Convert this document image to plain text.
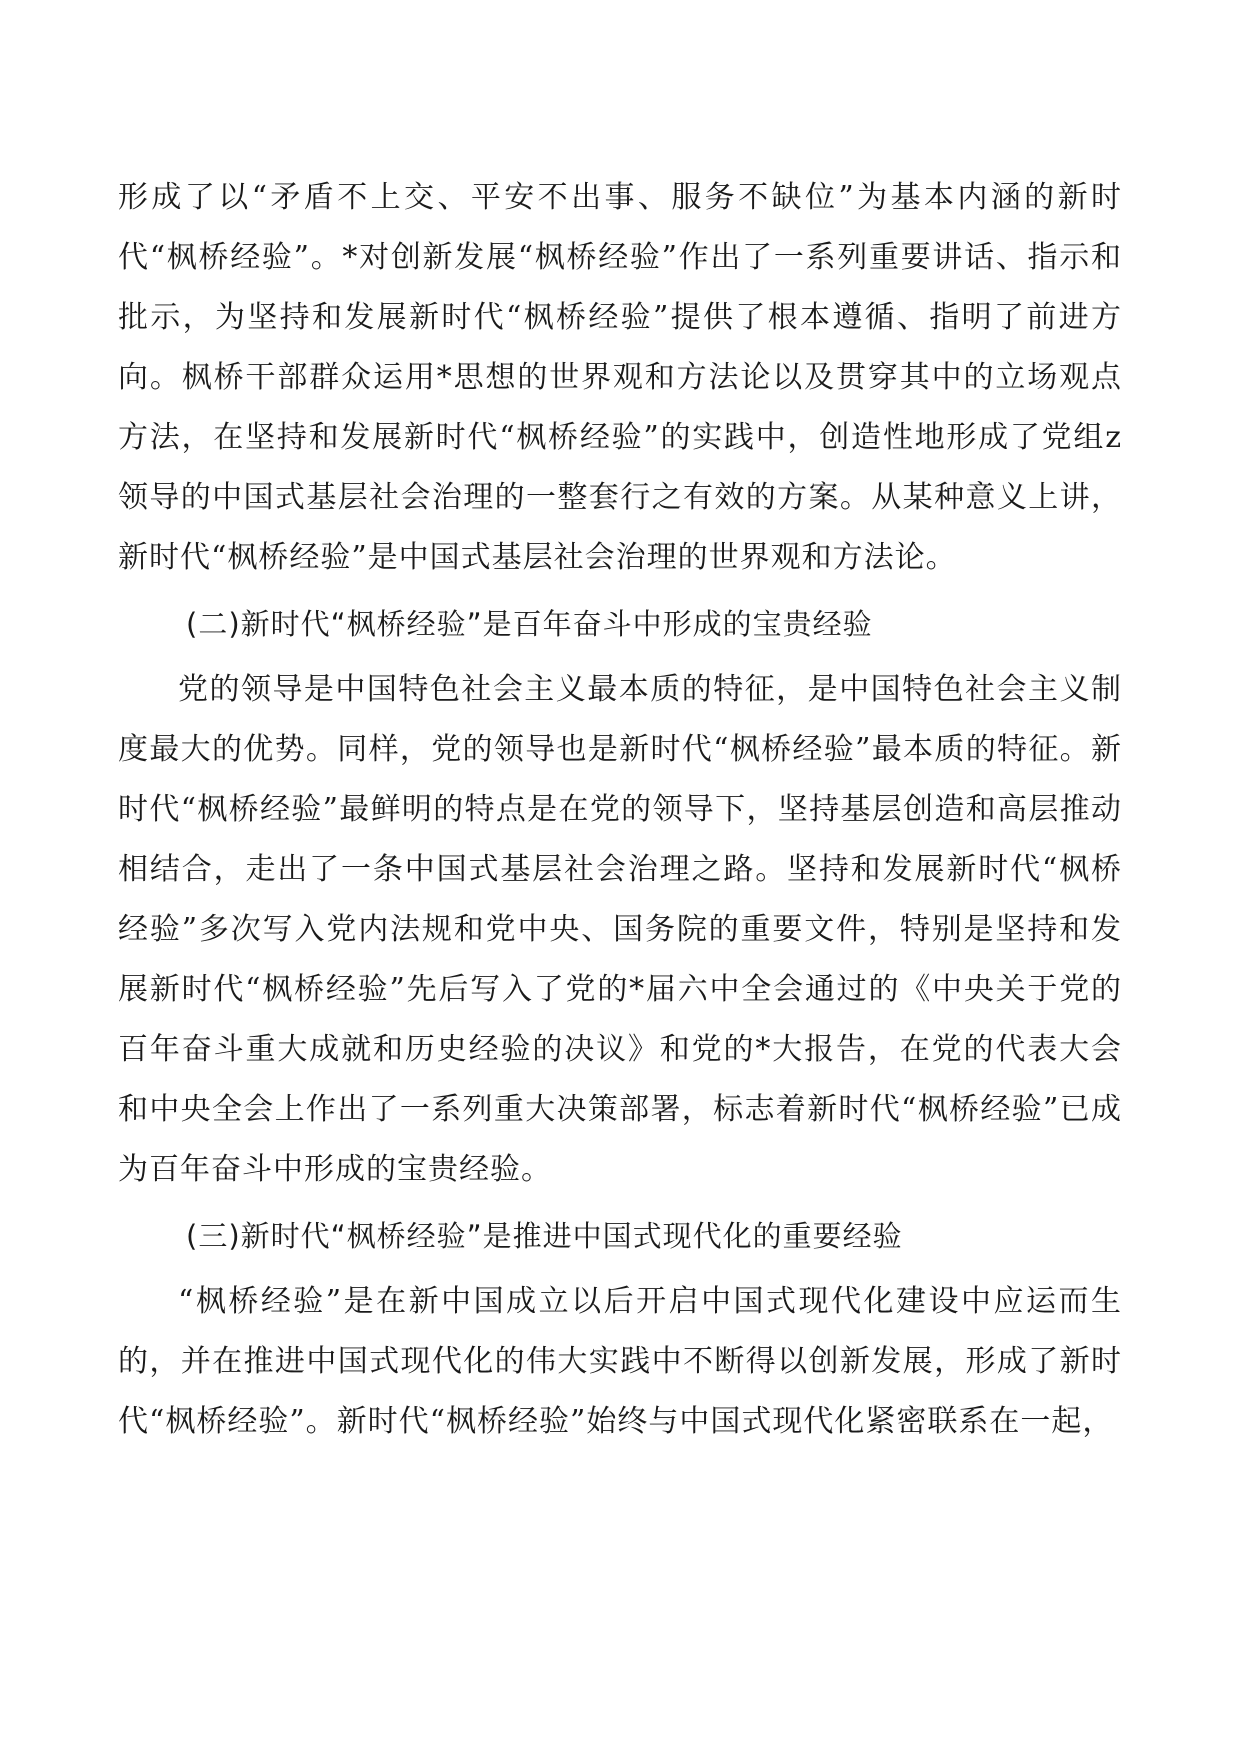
形成了以“矛盾不上交、平安不出事、服务不缺位”为基本内涵的新时代“枫桥经验”。*对创新发展“枫桥经验”作出了一系列重要讲话、指示和批示，为坚持和发展新时代“枫桥经验”提供了根本遵循、指明了前进方向。枫桥干部群众运用*思想的世界观和方法论以及贯穿其中的立场观点方法，在坚持和发展新时代“枫桥经验”的实践中，创造性地形成了党组z领导的中国式基层社会治理的一整套行之有效的方案。从某种意义上讲，新时代“枫桥经验”是中国式基层社会治理的世界观和方法论。

(二)新时代“枫桥经验”是百年奋斗中形成的宝贵经验

党的领导是中国特色社会主义最本质的特征，是中国特色社会主义制度最大的优势。同样，党的领导也是新时代“枫桥经验”最本质的特征。新时代“枫桥经验”最鲜明的特点是在党的领导下，坚持基层创造和高层推动相结合，走出了一条中国式基层社会治理之路。坚持和发展新时代“枫桥经验”多次写入党内法规和党中央、国务院的重要文件，特别是坚持和发展新时代“枫桥经验”先后写入了党的*届六中全会通过的《中央关于党的百年奋斗重大成就和历史经验的决议》和党的*大报告，在党的代表大会和中央全会上作出了一系列重大决策部署，标志着新时代“枫桥经验”已成为百年奋斗中形成的宝贵经验。

(三)新时代“枫桥经验”是推进中国式现代化的重要经验

“枫桥经验”是在新中国成立以后开启中国式现代化建设中应运而生的，并在推进中国式现代化的伟大实践中不断得以创新发展，形成了新时代“枫桥经验”。新时代“枫桥经验”始终与中国式现代化紧密联系在一起，
